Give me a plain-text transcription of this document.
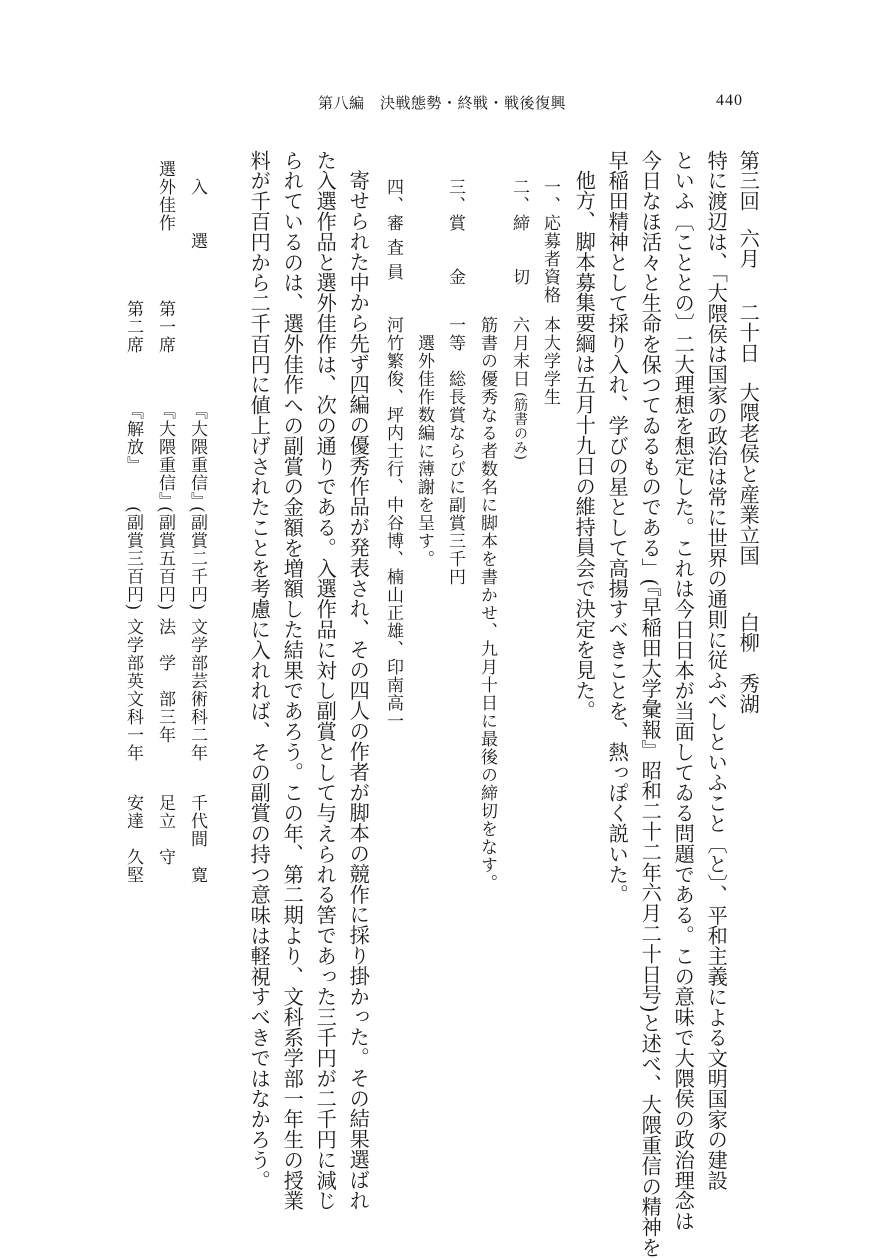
第八編　決戦態勢・終戦・戦後復興	440
第三回
六月
二十日
大隈老侯と産業立国
白柳　秀湖
特に渡辺は、「大隈侯は国家の政治は常に世界の通則に従ふべしといふこと〔と〕、平和主義による文明国家の建設
といふ〔こととの〕二大理想を想定した。これは今日日本が当面してゐる問題である。この意味で大隈侯の政治理念は
今日なほ活々と生命を保つてゐるものである」(『早稲田大学彙報』昭和二十二年六月二十日号)と述べ、大隈重信の精神を
早稲田精神として採り入れ、学びの星として高揚すべきことを、熱っぽく説いた。
他方、脚本募集要綱は五月十九日の維持員会で決定を見た。
一、応募者資格
本大学学生
二、締　　切
六月末日
(筋書のみ)
筋書の優秀なる者数名に脚本を書かせ、九月十日に最後の締切をなす。
三、賞　　金
一等　総長賞ならびに副賞三千円
選外佳作数編に薄謝を呈す。
四、審 査 員
河竹繁俊、坪内士行、中谷博、楠山正雄、印南高一
寄せられた中から先ず四編の優秀作品が発表され、その四人の作者が脚本の競作に採り掛かった。その結果選ばれ
た入選作品と選外佳作は、次の通りである。入選作品に対し副賞として与えられる筈であった三千円が二千円に減じ
られているのは、選外佳作への副賞の金額を増額した結果であろう。この年、第二期より、文科系学部一年生の授業
料が千百円から二千百円に値上げされたことを考慮に入れれば、その副賞の持つ意味は軽視すべきではなかろう。
入　　選
『大隈重信』
(副賞二千円)
文学部芸術科二年
千代間　寛
選外佳作
第一席
『大隈重信』
(副賞五百円)
法　学　部三年
足立　守
第二席
『解放』
(副賞三百円)
文学部英文科一年
安達　久堅
